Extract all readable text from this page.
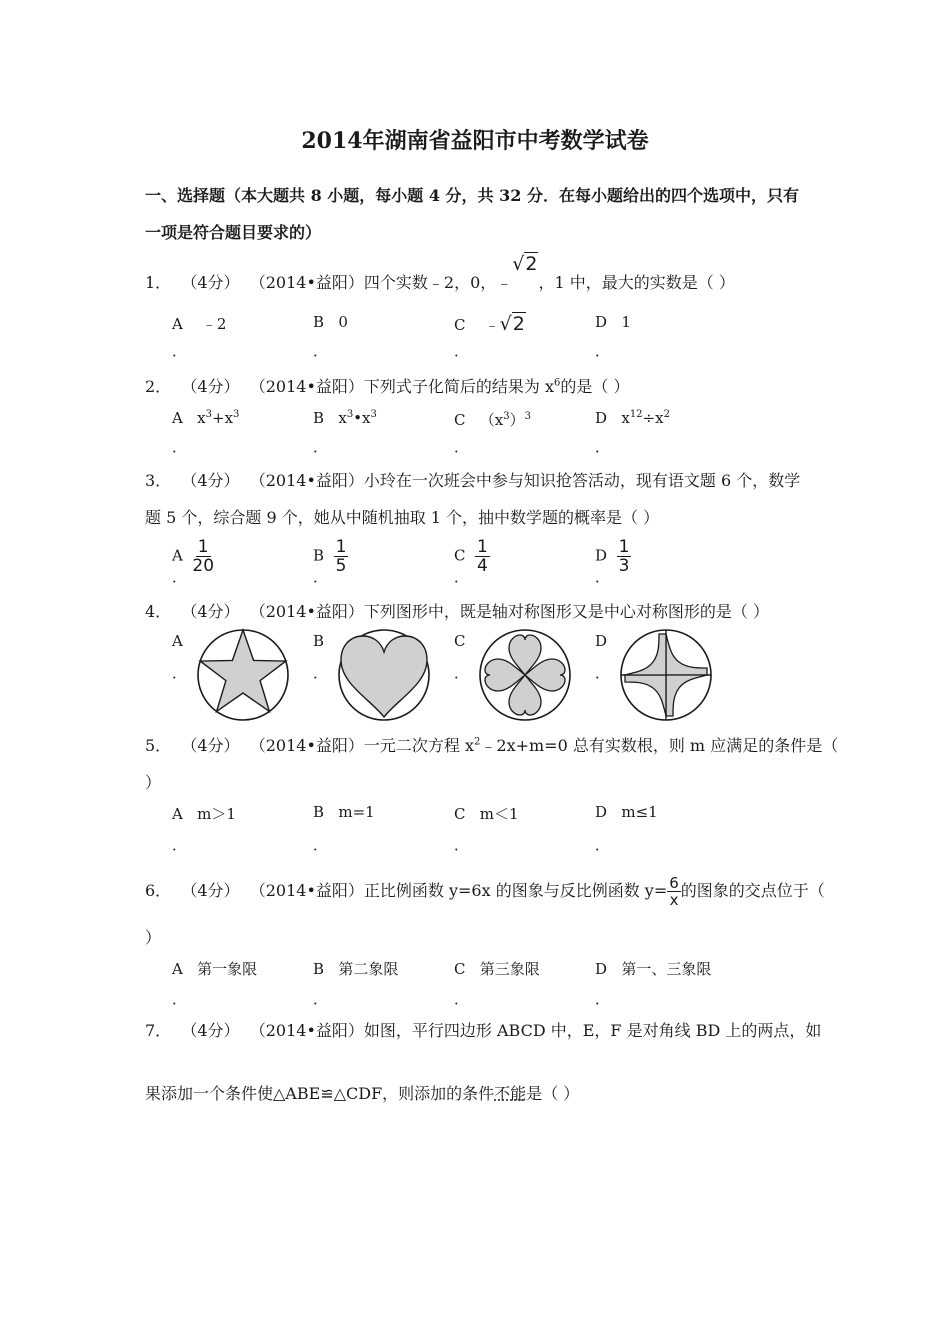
2014年湖南省益阳市中考数学试卷
一、选择题（本大题共 8 小题，每小题 4 分，共 32 分．在每小题给出的四个选项中，只有
一项是符合题目要求的）
1． （4分） （2014•益阳）四个实数﹣2，0，﹣√2，1 中，最大的实数是（ ）
A ﹣2	B 0	C ﹣√2	D 1
．	．	．	．
2． （4分） （2014•益阳）下列式子化简后的结果为 $x^6$的是（ ）
A $x^3+x^3$	B $x^3•x^3$	C $(x^3)^3$	D $x^{12}\div x^2$
．	．	．	．
3． （4分） （2014•益阳）小玲在一次班会中参与知识抢答活动，现有语文题 6 个，数学
题 5 个，综合题 9 个，她从中随机抽取 1 个，抽中数学题的概率是（ ）
A $\frac{1}{20}$	B $\frac{1}{5}$	C $\frac{1}{4}$	D $\frac{1}{3}$
．	．	．	．
4． （4分） （2014•益阳）下列图形中，既是轴对称图形又是中心对称图形的是（ ）
A	B	C	D
．	．	．	．
5． （4分） （2014•益阳）一元二次方程 $x^2﹣2x+m=0$ 总有实数根，则 m 应满足的条件是（
）
A m＞1	B m=1	C m＜1	D m≤1
．	．	．	．
6． （4分） （2014•益阳）正比例函数 y=6x 的图象与反比例函数 $y= \frac{6}{x}$ 的图象的交点位于（
）
A 第一象限	B 第二象限	C 第三象限	D 第一、三象限
．	．	．	．
7． （4分） （2014•益阳）如图，平行四边形 ABCD 中，E，F 是对角线 BD 上的两点，如
果添加一个条件使△ABE≌△CDF，则添加的条件不能是（ ）
